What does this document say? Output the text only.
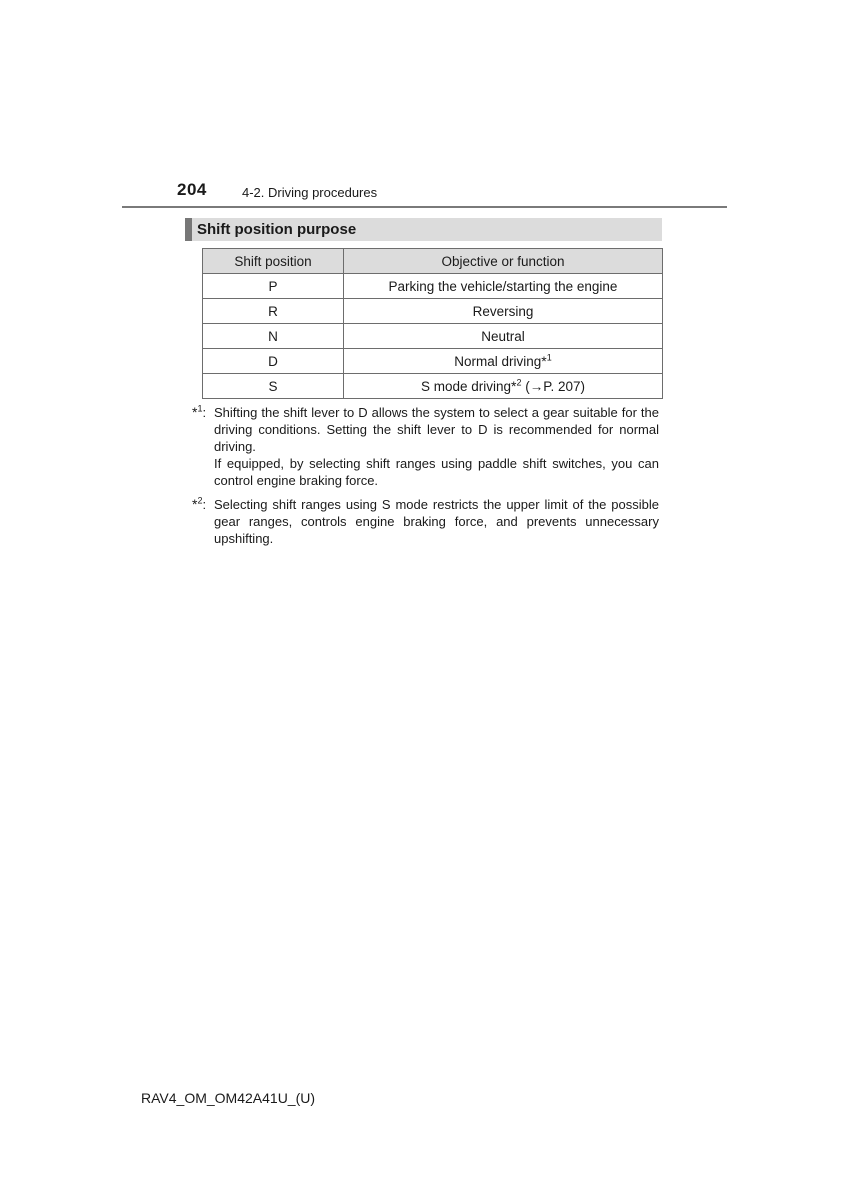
204	4-2. Driving procedures
Shift position purpose
Shift position	Objective or function
P	Parking the vehicle/starting the engine
R	Reversing
N	Neutral
D	Normal driving*$^1$
S	S mode driving*$^2$ (→P. 207)
*$^1$: Shifting the shift lever to D allows the system to select a gear suitable for the driving conditions. Setting the shift lever to D is recommended for normal driving.

If equipped, by selecting shift ranges using paddle shift switches, you can control engine braking force.

*$^2$: Selecting shift ranges using S mode restricts the upper limit of the possible gear ranges, controls engine braking force, and prevents unnecessary upshifting.

RAV4_OM_OM42A41U_(U)
